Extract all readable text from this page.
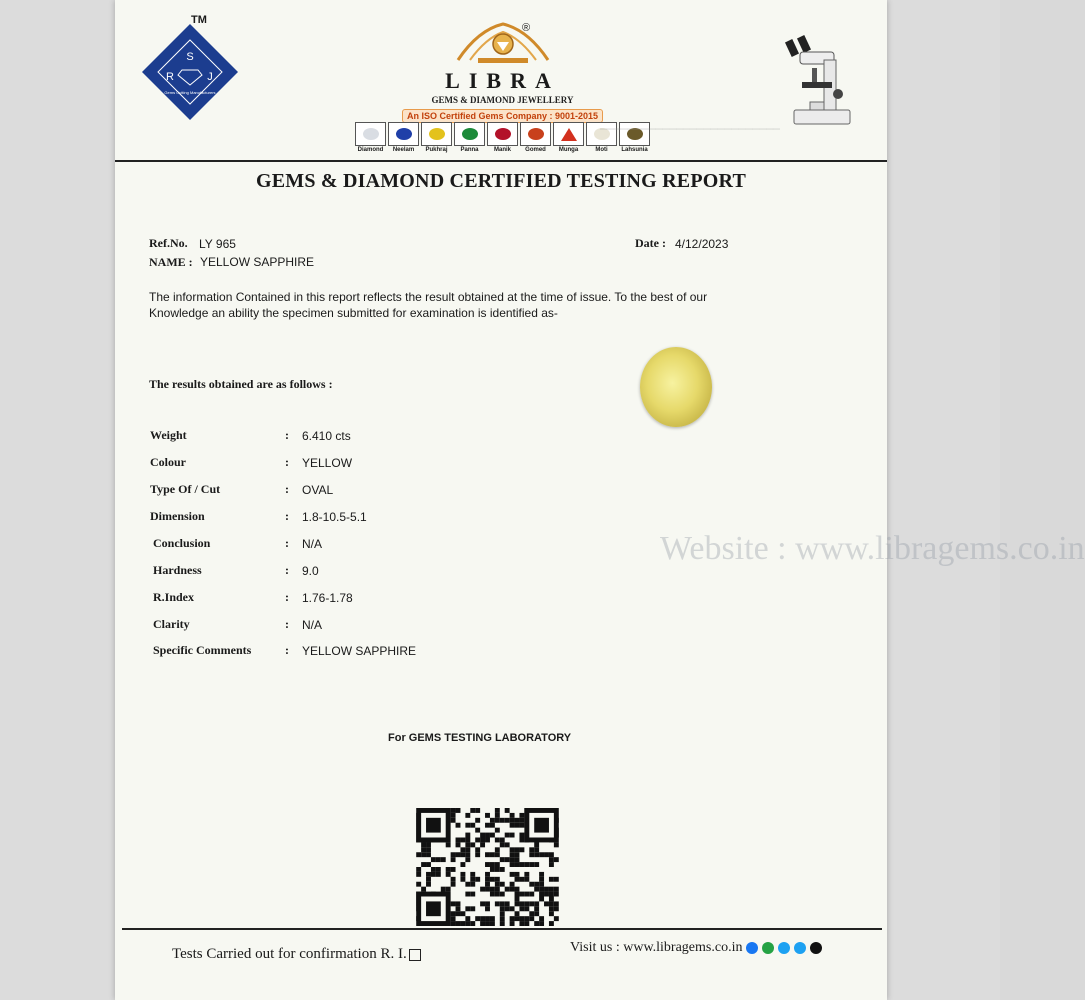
S
R	J
Gems Cutting Manufacturers
TM
LIBRA
GEMS & DIAMOND JEWELLERY
An ISO Certified Gems Company : 9001-2015
®
Diamond	Neelam	Pukhraj	Panna	Manik	Gomed	Munga	Moti	Lahsunia
▔▔▔▔▔▔▔▔▔▔▔▔▔▔▔▔▔▔▔▔▔▔▔▔▔▔
GEMS & DIAMOND CERTIFIED TESTING REPORT
Ref.No. LY 965	Date : 4/12/2023
NAME : YELLOW SAPPHIRE
The information Contained in this report reflects the result obtained at the time of issue. To the best of our
Knowledge an ability the specimen submitted for examination is identified as-
The results obtained are as follows :
Weight	: 6.410 cts
Colour	: YELLOW
Type Of / Cut	: OVAL
Dimension	: 1.8-10.5-5.1
Conclusion	: N/A
Hardness	: 9.0
R.Index	: 1.76-1.78
Clarity	: N/A
Specific Comments	: YELLOW SAPPHIRE
Website : www.libragems.co.in
For GEMS TESTING LABORATORY
Tests Carried out for confirmation R. I.	Visit us : www.libragems.co.in
